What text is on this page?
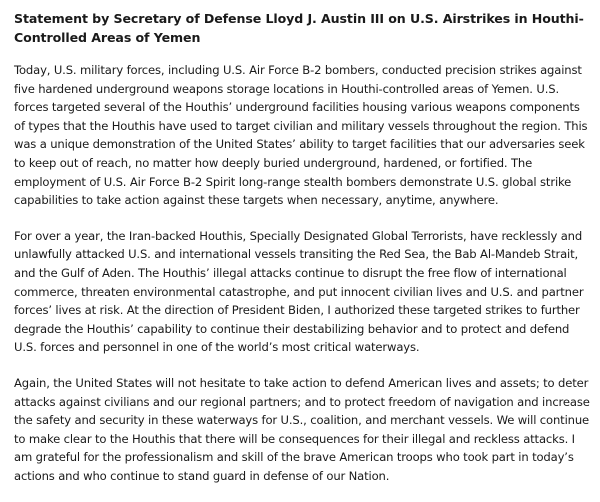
Statement by Secretary of Defense Lloyd J. Austin III on U.S. Airstrikes in Houthi-Controlled Areas of Yemen

Today, U.S. military forces, including U.S. Air Force B-2 bombers, conducted precision strikes against five hardened underground weapons storage locations in Houthi-controlled areas of Yemen. U.S. forces targeted several of the Houthis’ underground facilities housing various weapons components of types that the Houthis have used to target civilian and military vessels throughout the region. This was a unique demonstration of the United States’ ability to target facilities that our adversaries seek to keep out of reach, no matter how deeply buried underground, hardened, or fortified. The employment of U.S. Air Force B-2 Spirit long-range stealth bombers demonstrate U.S. global strike capabilities to take action against these targets when necessary, anytime, anywhere.

For over a year, the Iran-backed Houthis, Specially Designated Global Terrorists, have recklessly and unlawfully attacked U.S. and international vessels transiting the Red Sea, the Bab Al-Mandeb Strait, and the Gulf of Aden. The Houthis’ illegal attacks continue to disrupt the free flow of international commerce, threaten environmental catastrophe, and put innocent civilian lives and U.S. and partner forces’ lives at risk. At the direction of President Biden, I authorized these targeted strikes to further degrade the Houthis’ capability to continue their destabilizing behavior and to protect and defend U.S. forces and personnel in one of the world’s most critical waterways.

Again, the United States will not hesitate to take action to defend American lives and assets; to deter attacks against civilians and our regional partners; and to protect freedom of navigation and increase the safety and security in these waterways for U.S., coalition, and merchant vessels. We will continue to make clear to the Houthis that there will be consequences for their illegal and reckless attacks. I am grateful for the professionalism and skill of the brave American troops who took part in today’s actions and who continue to stand guard in defense of our Nation.
